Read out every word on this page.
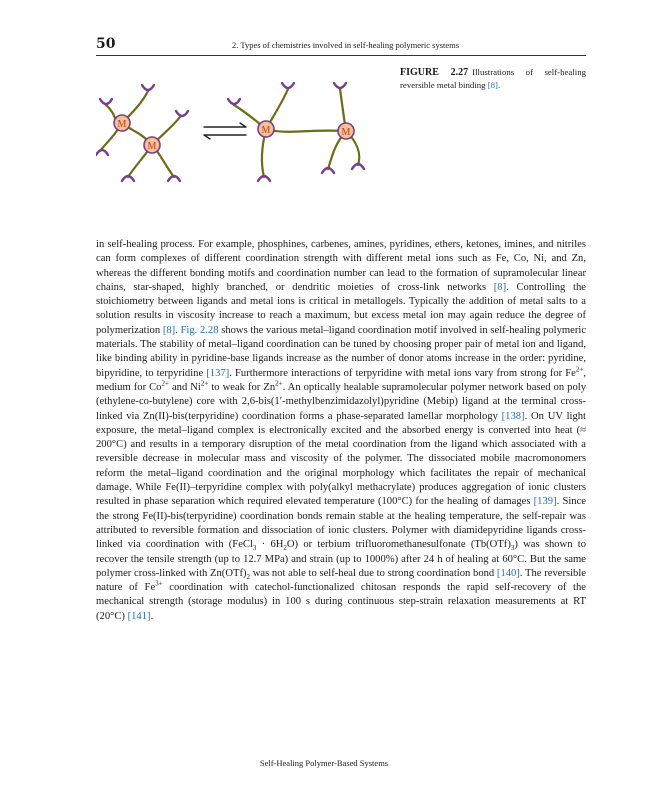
50	2. Types of chemistries involved in self-healing polymeric systems
M
M
M	M
FIGURE 2.27 Illustrations of self-healing reversible metal binding [8].
in self-healing process. For example, phosphines, carbenes, amines, pyridines, ethers, ketones, imines, and nitriles can form complexes of different coordination strength with different metal ions such as Fe, Co, Ni, and Zn, whereas the different bonding motifs and coordination number can lead to the formation of supramolecular linear chains, star-shaped, highly branched, or dendritic moieties of cross-link networks [8]. Controlling the stoichiometry between ligands and metal ions is critical in metallogels. Typically the addition of metal salts to a solution results in viscosity increase to reach a maximum, but excess metal ion may again reduce the degree of polymerization [8]. Fig. 2.28 shows the various metal–ligand coordination motif involved in self-healing polymeric materials. The stability of metal–ligand coordination can be tuned by choosing proper pair of metal ion and ligand, like binding ability in pyridine-base ligands increase as the number of donor atoms increase in the order: pyridine, bipyridine, to terpyridine [137]. Furthermore interactions of terpyridine with metal ions vary from strong for $Fe^{2+}$, medium for $Co^{2+}$ and $Ni^{2+}$ to weak for $Zn^{2+}$. An optically healable supramolecular polymer network based on poly (ethylene-co-butylene) core with 2,6-bis(1′-methylbenzimidazolyl)pyridine (Mebip) ligand at the terminal cross-linked via Zn(II)-bis(terpyridine) coordination forms a phase-separated lamellar morphology [138]. On UV light exposure, the metal–ligand complex is electronically excited and the absorbed energy is converted into heat (≈ 200°C) and results in a temporary disruption of the metal coordination from the ligand which associated with a reversible decrease in molecular mass and viscosity of the polymer. The dissociated mobile macromonomers reform the metal–ligand coordination and the original morphology which facilitates the repair of mechanical damage. While Fe(II)–terpyridine complex with poly(alkyl methacrylate) produces aggregation of ionic clusters resulted in phase separation which required elevated temperature (100°C) for the healing of damages [139]. Since the strong Fe(II)-bis(terpyridine) coordination bonds remain stable at the healing temperature, the self-repair was attributed to reversible formation and dissociation of ionic clusters. Polymer with diamidepyridine ligands cross-linked via coordination with (FeCl$_3$ · $6H_2O$) or terbium trifluoromethanesulfonate $(Tb(OTf)_3)$ was shown to recover the tensile strength (up to 12.7 MPa) and strain (up to 1000%) after 24 h of healing at 60°C. But the same polymer cross-linked with $Zn(OTf)_2$ was not able to self-heal due to strong coordination bond [140]. The reversible nature of $Fe^{3+}$ coordination with catechol-functionalized chitosan responds the rapid self-recovery of the mechanical strength (storage modulus) in 100 s during continuous step-strain relaxation measurements at RT (20°C) [141].
Self-Healing Polymer-Based Systems
